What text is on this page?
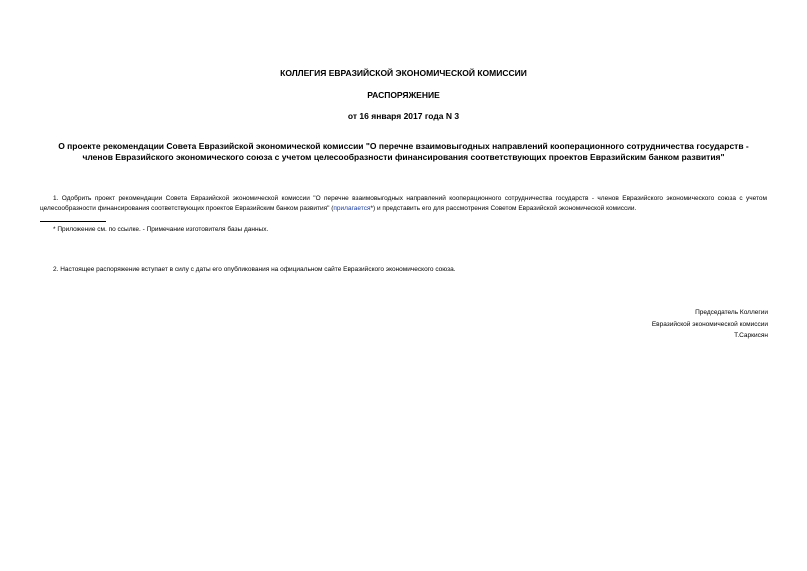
КОЛЛЕГИЯ ЕВРАЗИЙСКОЙ ЭКОНОМИЧЕСКОЙ КОМИССИИ
РАСПОРЯЖЕНИЕ
от 16 января 2017 года N 3
О проекте рекомендации Совета Евразийской экономической комиссии "О перечне взаимовыгодных направлений кооперационного сотрудничества государств -
членов Евразийского экономического союза с учетом целесообразности финансирования соответствующих проектов Евразийским банком развития"
1. Одобрить проект рекомендации Совета Евразийской экономической комиссии "О перечне взаимовыгодных направлений кооперационного сотрудничества государств - членов Евразийского экономического союза с учетом целесообразности финансирования соответствующих проектов Евразийским банком развития" (прилагается*) и представить его для рассмотрения Советом Евразийской экономической комиссии.
* Приложение см. по ссылке. - Примечание изготовителя базы данных.
2. Настоящее распоряжение вступает в силу с даты его опубликования на официальном сайте Евразийского экономического союза.
Председатель Коллегии
Евразийской экономической комиссии
Т.Саркисян
